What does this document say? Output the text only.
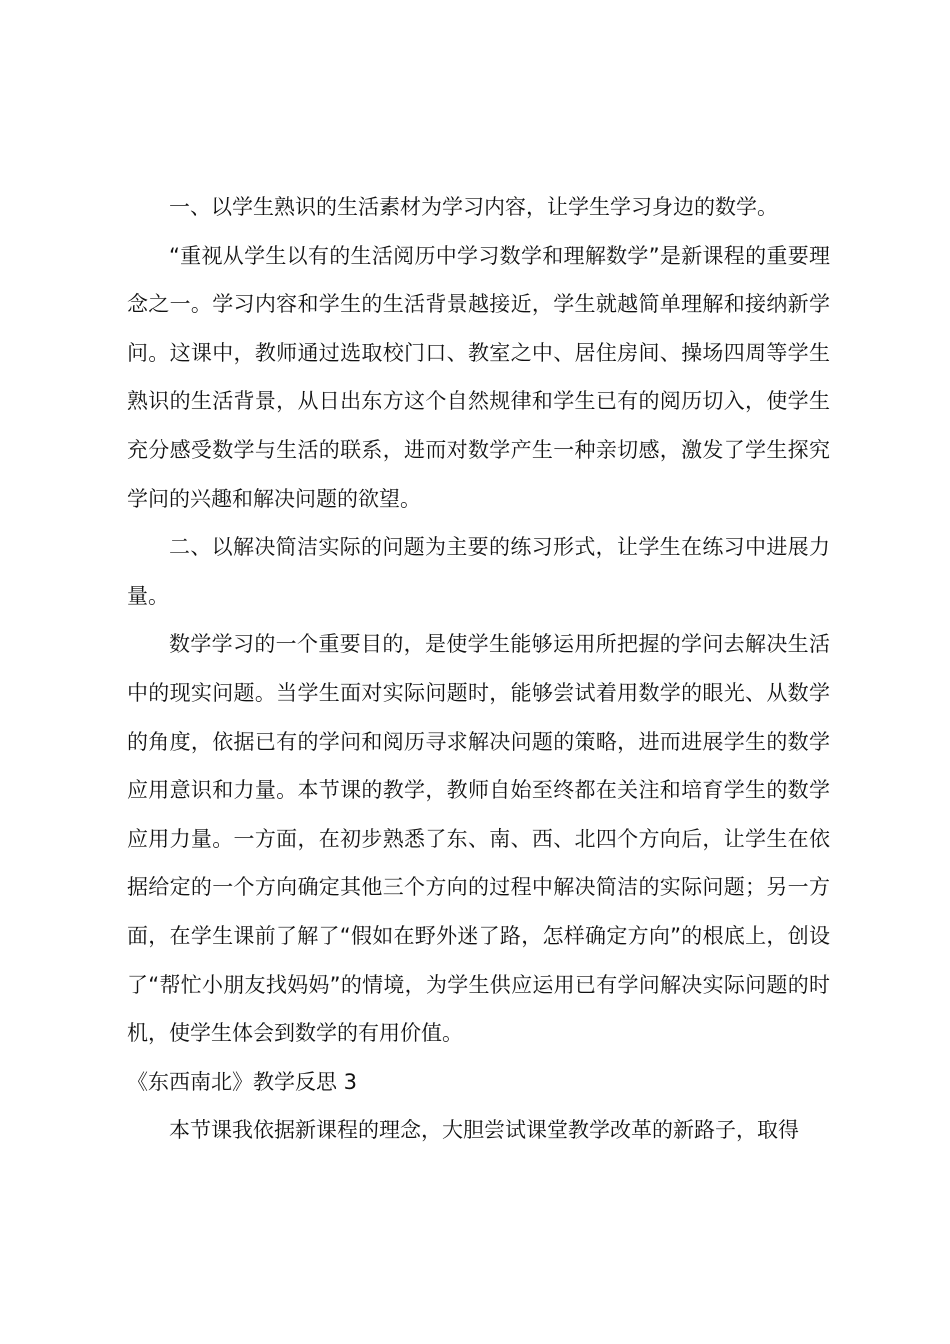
一、以学生熟识的生活素材为学习内容，让学生学习身边的数学。

“重视从学生以有的生活阅历中学习数学和理解数学”是新课程的重要理念之一。学习内容和学生的生活背景越接近，学生就越简单理解和接纳新学问。这课中，教师通过选取校门口、教室之中、居住房间、操场四周等学生熟识的生活背景，从日出东方这个自然规律和学生已有的阅历切入，使学生充分感受数学与生活的联系，进而对数学产生一种亲切感，激发了学生探究学问的兴趣和解决问题的欲望。

二、以解决简洁实际的问题为主要的练习形式，让学生在练习中进展力量。

数学学习的一个重要目的，是使学生能够运用所把握的学问去解决生活中的现实问题。当学生面对实际问题时，能够尝试着用数学的眼光、从数学的角度，依据已有的学问和阅历寻求解决问题的策略，进而进展学生的数学应用意识和力量。本节课的教学，教师自始至终都在关注和培育学生的数学应用力量。一方面，在初步熟悉了东、南、西、北四个方向后，让学生在依据给定的一个方向确定其他三个方向的过程中解决简洁的实际问题；另一方面，在学生课前了解了“假如在野外迷了路，怎样确定方向”的根底上，创设了“帮忙小朋友找妈妈”的情境，为学生供应运用已有学问解决实际问题的时机，使学生体会到数学的有用价值。

《东西南北》教学反思 3

本节课我依据新课程的理念，大胆尝试课堂教学改革的新路子，取得
